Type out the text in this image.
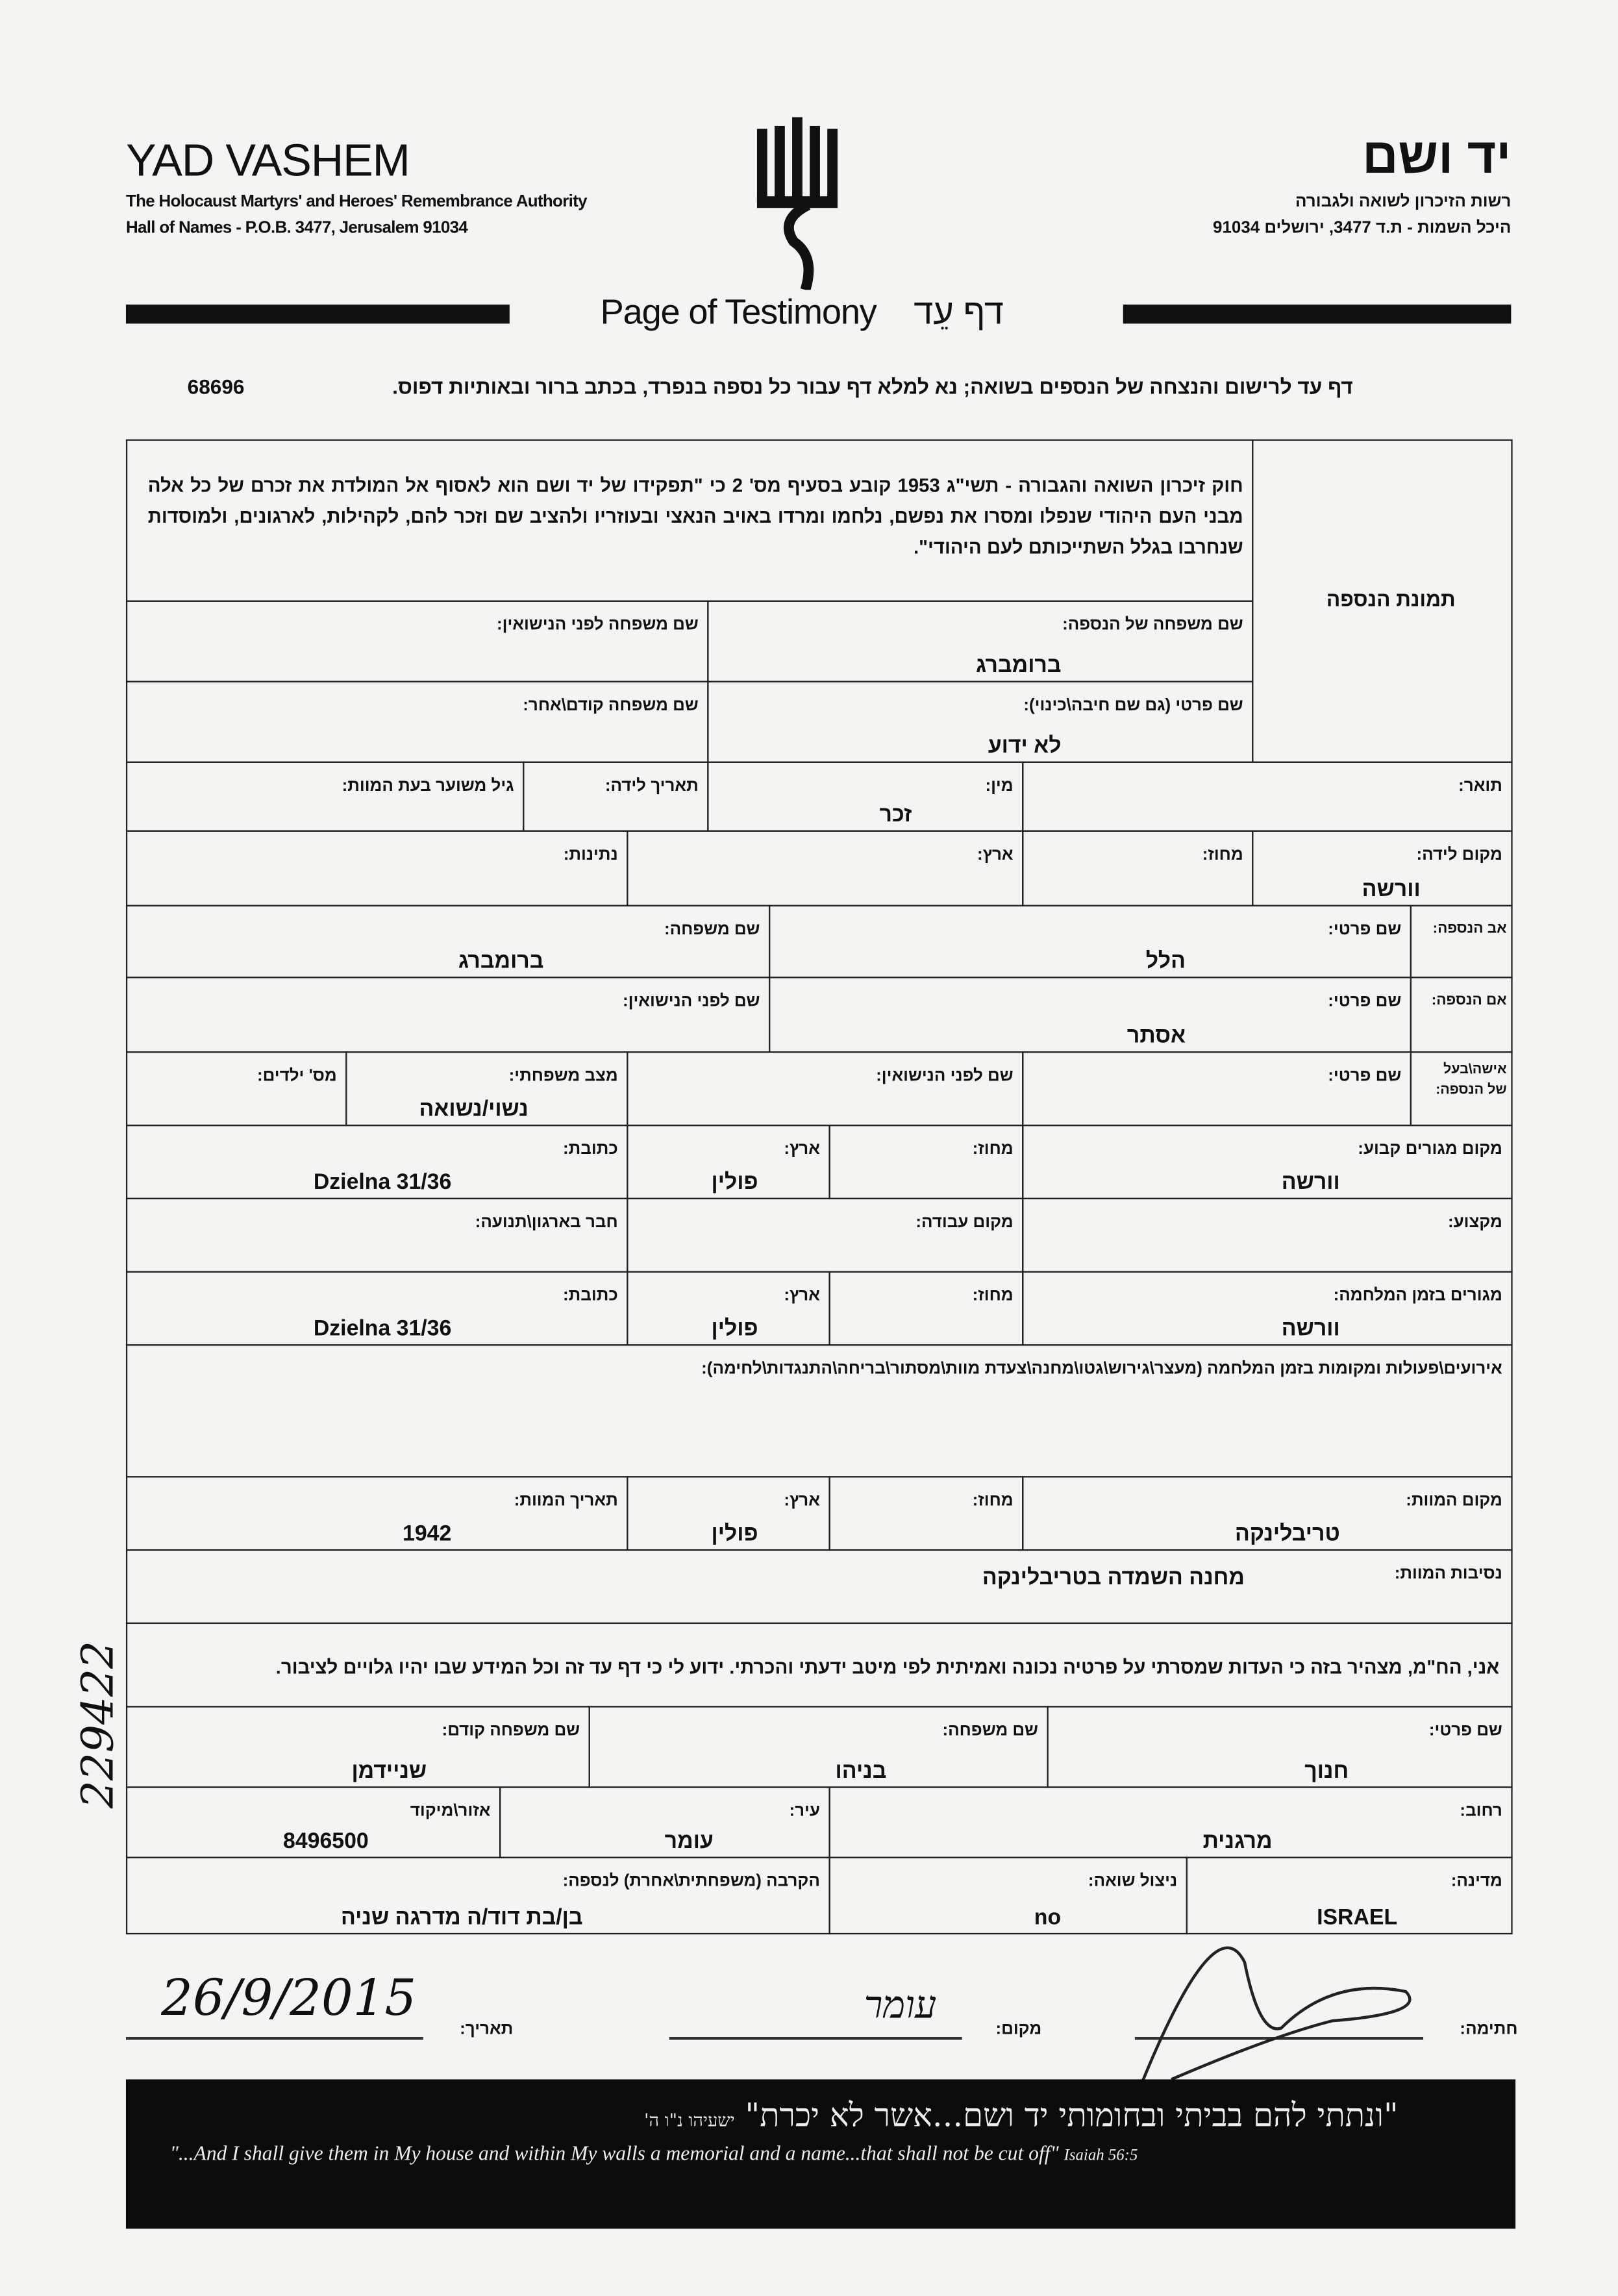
YAD VASHEM
The Holocaust Martyrs' and Heroes' Remembrance Authority
Hall of Names - P.O.B. 3477, Jerusalem 91034
יד ושם
רשות הזיכרון לשואה ולגבורה
היכל השמות - ת.ד 3477, ירושלים 91034
Page of Testimony דף עֵד
דף עד לרישום והנצחה של הנספים בשואה; נא למלא דף עבור כל נספה בנפרד, בכתב ברור ובאותיות דפוס.
68696
חוק זיכרון השואה והגבורה - תשי"ג 1953 קובע בסעיף מס' 2 כי "תפקידו של יד ושם הוא לאסוף אל המולדת את זכרם של כל אלה מבני העם היהודי שנפלו ומסרו את נפשם, נלחמו ומרדו באויב הנאצי ובעוזריו ולהציב שם וזכר להם, לקהילות, לארגונים, ולמוסדות שנחרבו בגלל השתייכותם לעם היהודי".
תמונת הנספה
שם משפחה של הנספה:
ברומברג
שם משפחה לפני הנישואין:
שם פרטי (גם שם חיבה\כינוי):
לא ידוע
שם משפחה קודם\אחר:
תואר:
מין:
זכר
תאריך לידה:
גיל משוער בעת המוות:
מקום לידה:
וורשה
מחוז:
ארץ:
נתינות:
אב הנספה:
שם פרטי:
הלל
שם משפחה:
ברומברג
אם הנספה:
שם פרטי:
אסתר
שם לפני הנישואין:
אישה\בעל
של הנספה:
שם פרטי:
שם לפני הנישואין:
מצב משפחתי:
נשוי/נשואה
מס' ילדים:
מקום מגורים קבוע:
וורשה
מחוז:
ארץ:
פולין
כתובת:
Dzielna 31/36
מקצוע:
מקום עבודה:
חבר בארגון\תנועה:
מגורים בזמן המלחמה:
וורשה
מחוז:
ארץ:
פולין
כתובת:
Dzielna 31/36
אירועים\פעולות ומקומות בזמן המלחמה (מעצר\גירוש\גטו\מחנה\צעדת מוות\מסתור\בריחה\התנגדות\לחימה):
מקום המוות:
טריבלינקה
מחוז:
ארץ:
פולין
תאריך המוות:
1942
נסיבות המוות:
מחנה השמדה בטריבלינקה
אני, הח"מ, מצהיר בזה כי העדות שמסרתי על פרטיה נכונה ואמיתית לפי מיטב ידעתי והכרתי. ידוע לי כי דף עד זה וכל המידע שבו יהיו גלויים לציבור.
שם פרטי:
חנוך
שם משפחה:
בניהו
שם משפחה קודם:
שניידמן
רחוב:
מרגנית
עיר:
עומר
אזור\מיקוד
8496500
מדינה:
ISRAEL
ניצול שואה:
no
הקרבה (משפחתית\אחרת) לנספה:
בן/בת דוד/ה מדרגה שניה
229422
26/9/2015
תאריך:
עומר
מקום:	חתימה:
"ונתתי להם בביתי ובחומותי יד ושם...אשר לא יכרת" ישעיהו נ"ו ה'
"...And I shall give them in My house and within My walls a memorial and a name...that shall not be cut off" Isaiah 56:5
